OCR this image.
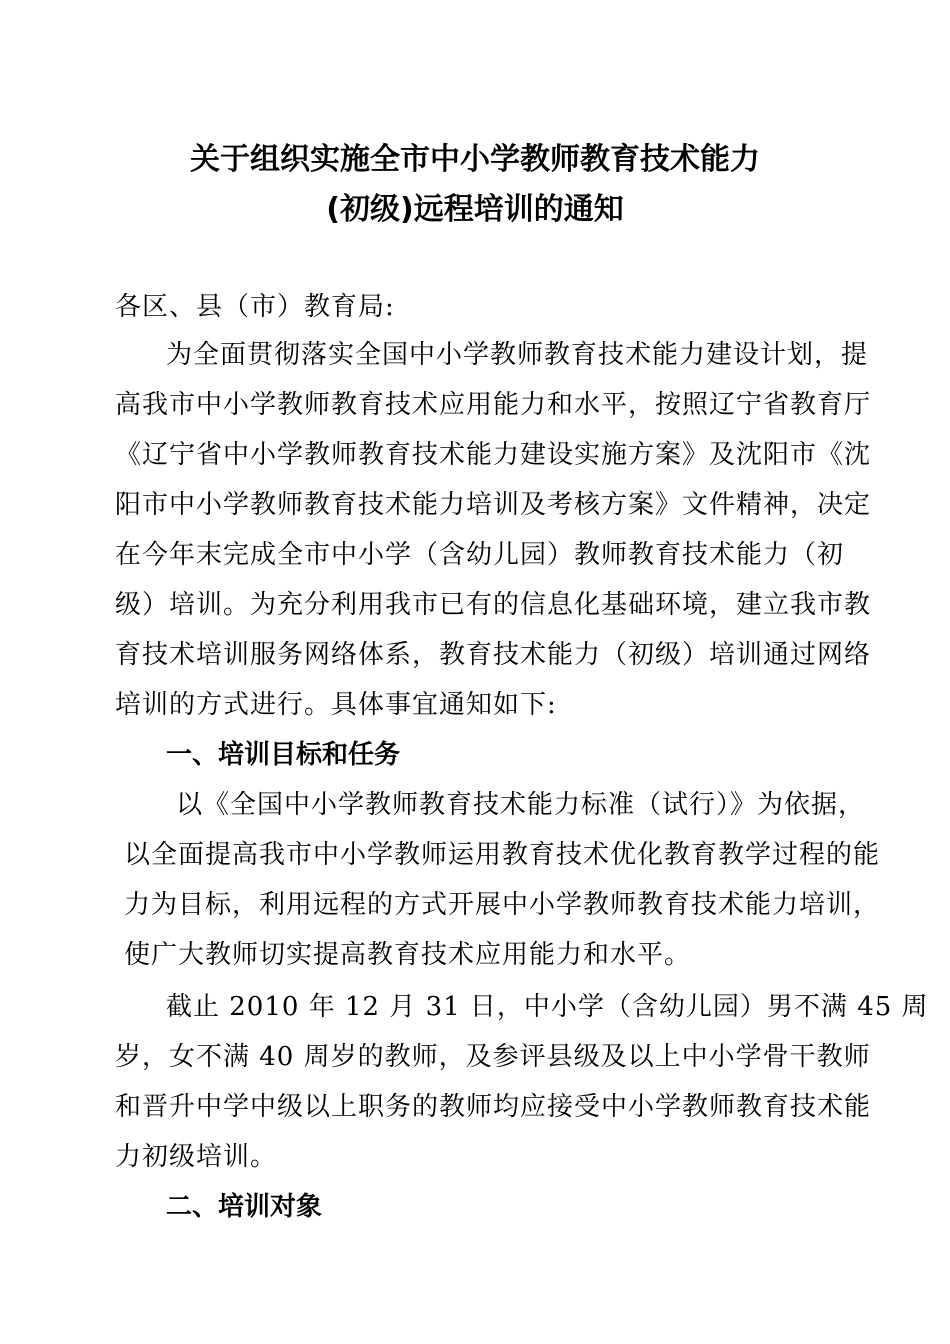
关于组织实施全市中小学教师教育技术能力
(初级)远程培训的通知
各区、县（市）教育局:
为全面贯彻落实全国中小学教师教育技术能力建设计划，提
高我市中小学教师教育技术应用能力和水平，按照辽宁省教育厅
《辽宁省中小学教师教育技术能力建设实施方案》及沈阳市《沈
阳市中小学教师教育技术能力培训及考核方案》文件精神，决定
在今年末完成全市中小学（含幼儿园）教师教育技术能力（初
级）培训。为充分利用我市已有的信息化基础环境，建立我市教
育技术培训服务网络体系，教育技术能力（初级）培训通过网络
培训的方式进行。具体事宜通知如下:
一、培训目标和任务
以《全国中小学教师教育技术能力标准（试行）》为依据，
以全面提高我市中小学教师运用教育技术优化教育教学过程的能
力为目标，利用远程的方式开展中小学教师教育技术能力培训，
使广大教师切实提高教育技术应用能力和水平。
截止 2010 年 12 月 31 日，中小学（含幼儿园）男不满 45 周
岁，女不满 40 周岁的教师，及参评县级及以上中小学骨干教师
和晋升中学中级以上职务的教师均应接受中小学教师教育技术能
力初级培训。
二、培训对象
